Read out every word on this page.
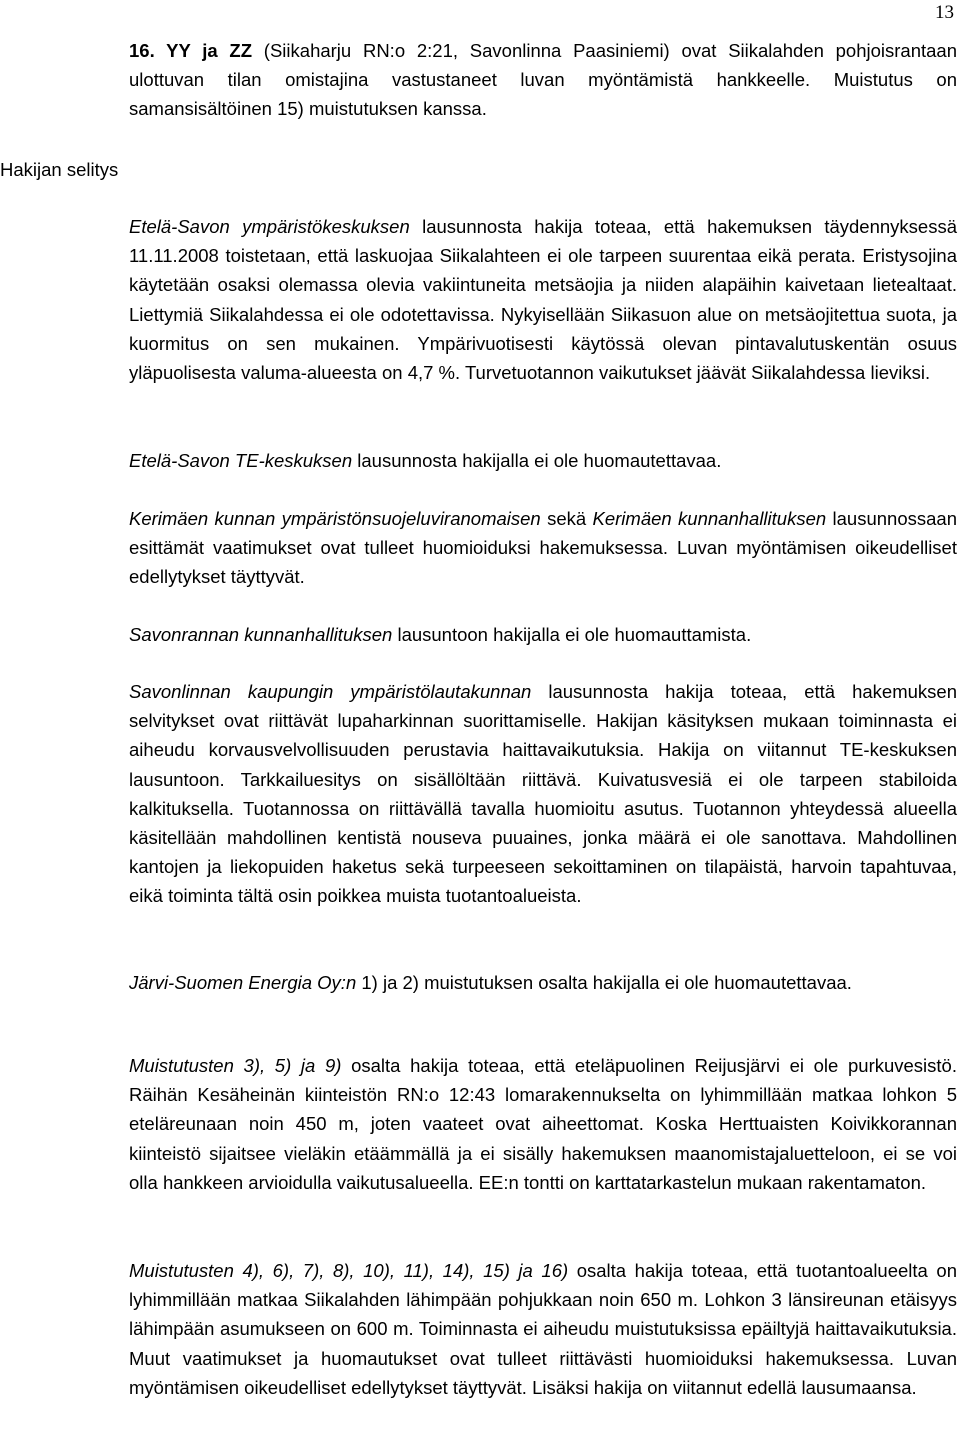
13
Hakijan selitys

16. YY ja ZZ (Siikaharju RN:o 2:21, Savonlinna Paasiniemi) ovat Siikalahden pohjoisrantaan ulottuvan tilan omistajina vastustaneet luvan myöntämistä hankkeelle. Muistutus on samansisältöinen 15) muistutuksen kanssa.

Etelä-Savon ympäristökeskuksen lausunnosta hakija toteaa, että hakemuksen täydennyksessä 11.11.2008 toistetaan, että laskuojaa Siikalahteen ei ole tarpeen suurentaa eikä perata. Eristysojina käytetään osaksi olemassa olevia vakiintuneita metsäojia ja niiden alapäihin kaivetaan lietealtaat. Liettymiä Siikalahdessa ei ole odotettavissa. Nykyisellään Siikasuon alue on metsäojitettua suota, ja kuormitus on sen mukainen. Ympärivuotisesti käytössä olevan pintavalutuskentän osuus yläpuolisesta valuma-alueesta on 4,7 %. Turvetuotannon vaikutukset jäävät Siikalahdessa lieviksi.

Etelä-Savon TE-keskuksen lausunnosta hakijalla ei ole huomautettavaa.

Kerimäen kunnan ympäristönsuojeluviranomaisen sekä Kerimäen kunnanhallituksen lausunnossaan esittämät vaatimukset ovat tulleet huomioiduksi hakemuksessa. Luvan myöntämisen oikeudelliset edellytykset täyttyvät.

Savonrannan kunnanhallituksen lausuntoon hakijalla ei ole huomauttamista.

Savonlinnan kaupungin ympäristölautakunnan lausunnosta hakija toteaa, että hakemuksen selvitykset ovat riittävät lupaharkinnan suorittamiselle. Hakijan käsityksen mukaan toiminnasta ei aiheudu korvausvelvollisuuden perustavia haittavaikutuksia. Hakija on viitannut TE-keskuksen lausuntoon. Tarkkailuesitys on sisällöltään riittävä. Kuivatusvesiä ei ole tarpeen stabiloida kalkituksella. Tuotannossa on riittävällä tavalla huomioitu asutus. Tuotannon yhteydessä alueella käsitellään mahdollinen kentistä nouseva puuaines, jonka määrä ei ole sanottava. Mahdollinen kantojen ja liekopuiden haketus sekä turpeeseen sekoittaminen on tilapäistä, harvoin tapahtuvaa, eikä toiminta tältä osin poikkea muista tuotantoalueista.

Järvi-Suomen Energia Oy:n 1) ja 2) muistutuksen osalta hakijalla ei ole huomautettavaa.

Muistutusten 3), 5) ja 9) osalta hakija toteaa, että eteläpuolinen Reijusjärvi ei ole purkuvesistö. Räihän Kesäheinän kiinteistön RN:o 12:43 lomarakennukselta on lyhimmillään matkaa lohkon 5 eteläreunaan noin 450 m, joten vaateet ovat aiheettomat. Koska Herttuaisten Koivikkorannan kiinteistö sijaitsee vieläkin etäämmällä ja ei sisälly hakemuksen maanomistajaluetteloon, ei se voi olla hankkeen arvioidulla vaikutusalueella. EE:n tontti on karttatarkastelun mukaan rakentamaton.

Muistutusten 4), 6), 7), 8), 10), 11), 14), 15) ja 16) osalta hakija toteaa, että tuotantoalueelta on lyhimmillään matkaa Siikalahden lähimpään pohjukkaan noin 650 m. Lohkon 3 länsireunan etäisyys lähimpään asumukseen on 600 m. Toiminnasta ei aiheudu muistutuksissa epäiltyjä haittavaikutuksia. Muut vaatimukset ja huomautukset ovat tulleet riittävästi huomioiduksi hakemuksessa. Luvan myöntämisen oikeudelliset edellytykset täyttyvät. Lisäksi hakija on viitannut edellä lausumaansa.
